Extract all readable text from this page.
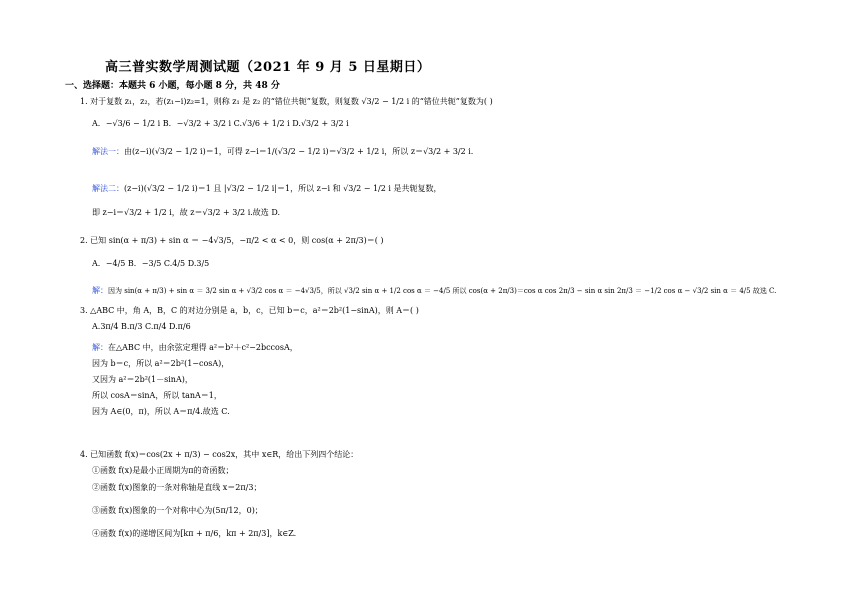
高三普实数学周测试题（2021 年 9 月 5 日星期日）
一、选择题：本题共 6 小题，每小题 8 分，共 48 分
1. 对于复数 z₁，z₂，若(z₁−i)z₂=1，则称 z₁ 是 z₂ 的“错位共轭”复数，则复数 √3/2 − 1/2 i 的“错位共轭”复数为( )
A．−√3/6 − 1/2 i B．−√3/2 + 3/2 i C.√3/6 + 1/2 i D.√3/2 + 3/2 i
解法一：由(z−i)(√3/2 − 1/2 i)＝1，可得 z−i＝1/(√3/2 − 1/2 i)＝√3/2 + 1/2 i，所以 z＝√3/2 + 3/2 i.
解法二：(z−i)(√3/2 − 1/2 i)＝1 且 |√3/2 − 1/2 i|＝1，所以 z−i 和 √3/2 − 1/2 i 是共轭复数，
即 z−i＝√3/2 + 1/2 i，故 z＝√3/2 + 3/2 i.故选 D.
2. 已知 sin(α + π/3) + sin α ＝ −4√3/5，−π/2 < α < 0，则 cos(α + 2π/3)＝( )
A．−4/5 B．−3/5 C.4/5 D.3/5
解：因为 sin(α + π/3) + sin α ＝ 3/2 sin α + √3/2 cos α ＝ −4√3/5，所以 √3/2 sin α + 1/2 cos α ＝ −4/5 所以 cos(α + 2π/3)＝cos α cos 2π/3 − sin α sin 2π/3 ＝ −1/2 cos α − √3/2 sin α ＝ 4/5 故选 C.
3. △ABC 中，角 A，B，C 的对边分别是 a，b，c，已知 b＝c，a²＝2b²(1−sinA)，则 A＝( )
A.3π/4 B.π/3 C.π/4 D.π/6
解：在△ABC 中，由余弦定理得 a²＝b²＋c²−2bccosA，
因为 b＝c，所以 a²＝2b²(1−cosA)，
又因为 a²＝2b²(1－sinA)，
所以 cosA＝sinA，所以 tanA＝1，
因为 A∈(0，π)，所以 A＝π/4.故选 C.
4. 已知函数 f(x)＝cos(2x + π/3) − cos2x，其中 x∈R，给出下列四个结论：
①函数 f(x)是最小正周期为π的奇函数；
②函数 f(x)图象的一条对称轴是直线 x＝2π/3；
③函数 f(x)图象的一个对称中心为(5π/12，0)；
④函数 f(x)的递增区间为[kπ + π/6，kπ + 2π/3]，k∈Z.
